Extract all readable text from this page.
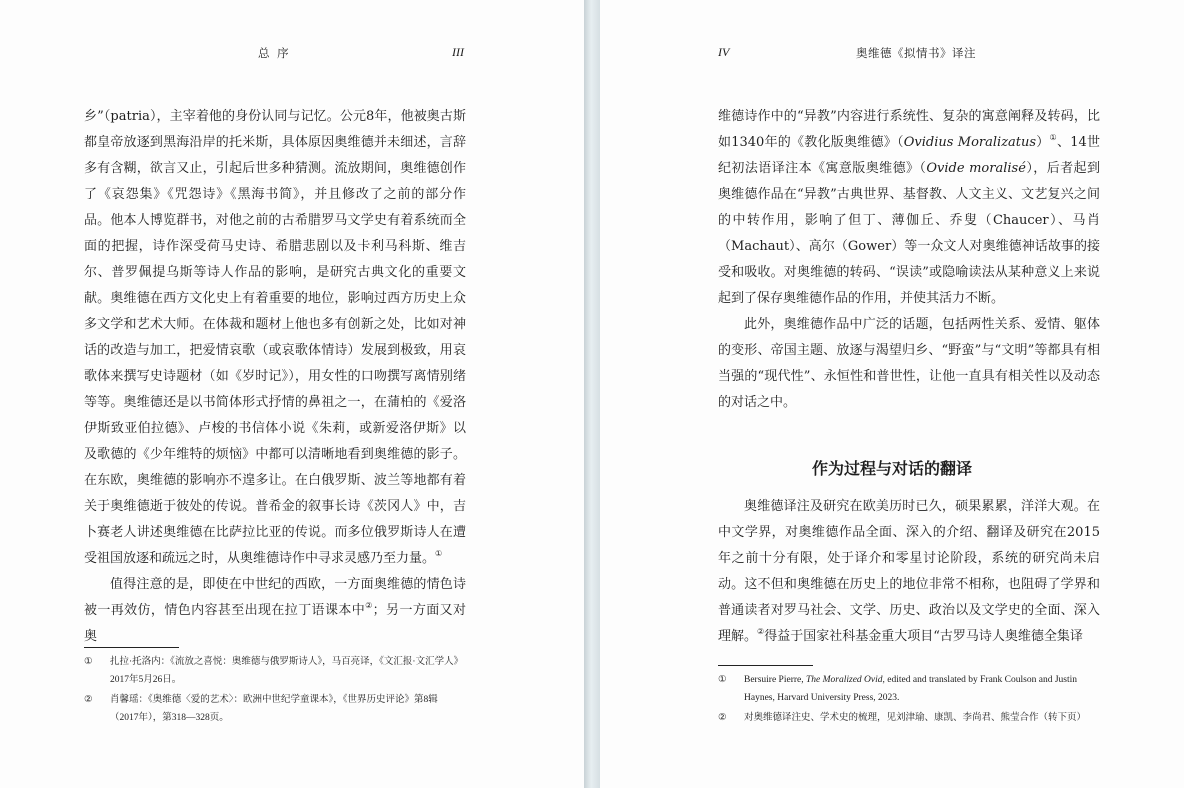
总 序	III

乡”（patria），主宰着他的身份认同与记忆。公元8年，他被奥古斯都皇帝放逐到黑海沿岸的托米斯，具体原因奥维德并未细述，言辞多有含糊，欲言又止，引起后世多种猜测。流放期间，奥维德创作了《哀怨集》《咒怨诗》《黑海书简》，并且修改了之前的部分作品。他本人博览群书，对他之前的古希腊罗马文学史有着系统而全面的把握，诗作深受荷马史诗、希腊悲剧以及卡利马科斯、维吉尔、普罗佩提乌斯等诗人作品的影响，是研究古典文化的重要文献。奥维德在西方文化史上有着重要的地位，影响过西方历史上众多文学和艺术大师。在体裁和题材上他也多有创新之处，比如对神话的改造与加工，把爱情哀歌（或哀歌体情诗）发展到极致，用哀歌体来撰写史诗题材（如《岁时记》），用女性的口吻撰写离情别绪等等。奥维德还是以书简体形式抒情的鼻祖之一，在蒲柏的《爱洛伊斯致亚伯拉德》、卢梭的书信体小说《朱莉，或新爱洛伊斯》以及歌德的《少年维特的烦恼》中都可以清晰地看到奥维德的影子。在东欧，奥维德的影响亦不遑多让。在白俄罗斯、波兰等地都有着关于奥维德逝于彼处的传说。普希金的叙事长诗《茨冈人》中，吉卜赛老人讲述奥维德在比萨拉比亚的传说。而多位俄罗斯诗人在遭受祖国放逐和疏远之时，从奥维德诗作中寻求灵感乃至力量。①

值得注意的是，即使在中世纪的西欧，一方面奥维德的情色诗被一再效仿，情色内容甚至出现在拉丁语课本中②；另一方面又对奥

① 扎拉·托洛内：《流放之喜悦：奥维德与俄罗斯诗人》，马百亮译，《文汇报·文汇学人》2017年5月26日。
② 肖馨瑶：《奥维德〈爱的艺术〉：欧洲中世纪学童课本》，《世界历史评论》第8辑（2017年），第318—328页。
IV	奥维德《拟情书》译注

维德诗作中的“异教”内容进行系统性、复杂的寓意阐释及转码，比如1340年的《教化版奥维德》（Ovidius Moralizatus）①、14世纪初法语译注本《寓意版奥维德》（Ovide moralisé），后者起到奥维德作品在“异教”古典世界、基督教、人文主义、文艺复兴之间的中转作用，影响了但丁、薄伽丘、乔叟（Chaucer）、马肖（Machaut）、高尔（Gower）等一众文人对奥维德神话故事的接受和吸收。对奥维德的转码、“误读”或隐喻读法从某种意义上来说起到了保存奥维德作品的作用，并使其活力不断。

此外，奥维德作品中广泛的话题，包括两性关系、爱情、躯体的变形、帝国主题、放逐与渴望归乡、“野蛮”与“文明”等都具有相当强的“现代性”、永恒性和普世性，让他一直具有相关性以及动态的对话之中。

作为过程与对话的翻译

奥维德译注及研究在欧美历时已久，硕果累累，洋洋大观。在中文学界，对奥维德作品全面、深入的介绍、翻译及研究在2015年之前十分有限，处于译介和零星讨论阶段，系统的研究尚未启动。这不但和奥维德在历史上的地位非常不相称，也阻碍了学界和普通读者对罗马社会、文学、历史、政治以及文学史的全面、深入理解。②得益于国家社科基金重大项目“古罗马诗人奥维德全集译

① Bersuire Pierre, The Moralized Ovid, edited and translated by Frank Coulson and Justin Haynes, Harvard University Press, 2023.
② 对奥维德译注史、学术史的梳理，见刘津瑜、康凯、李尚君、熊莹合作（转下页）
